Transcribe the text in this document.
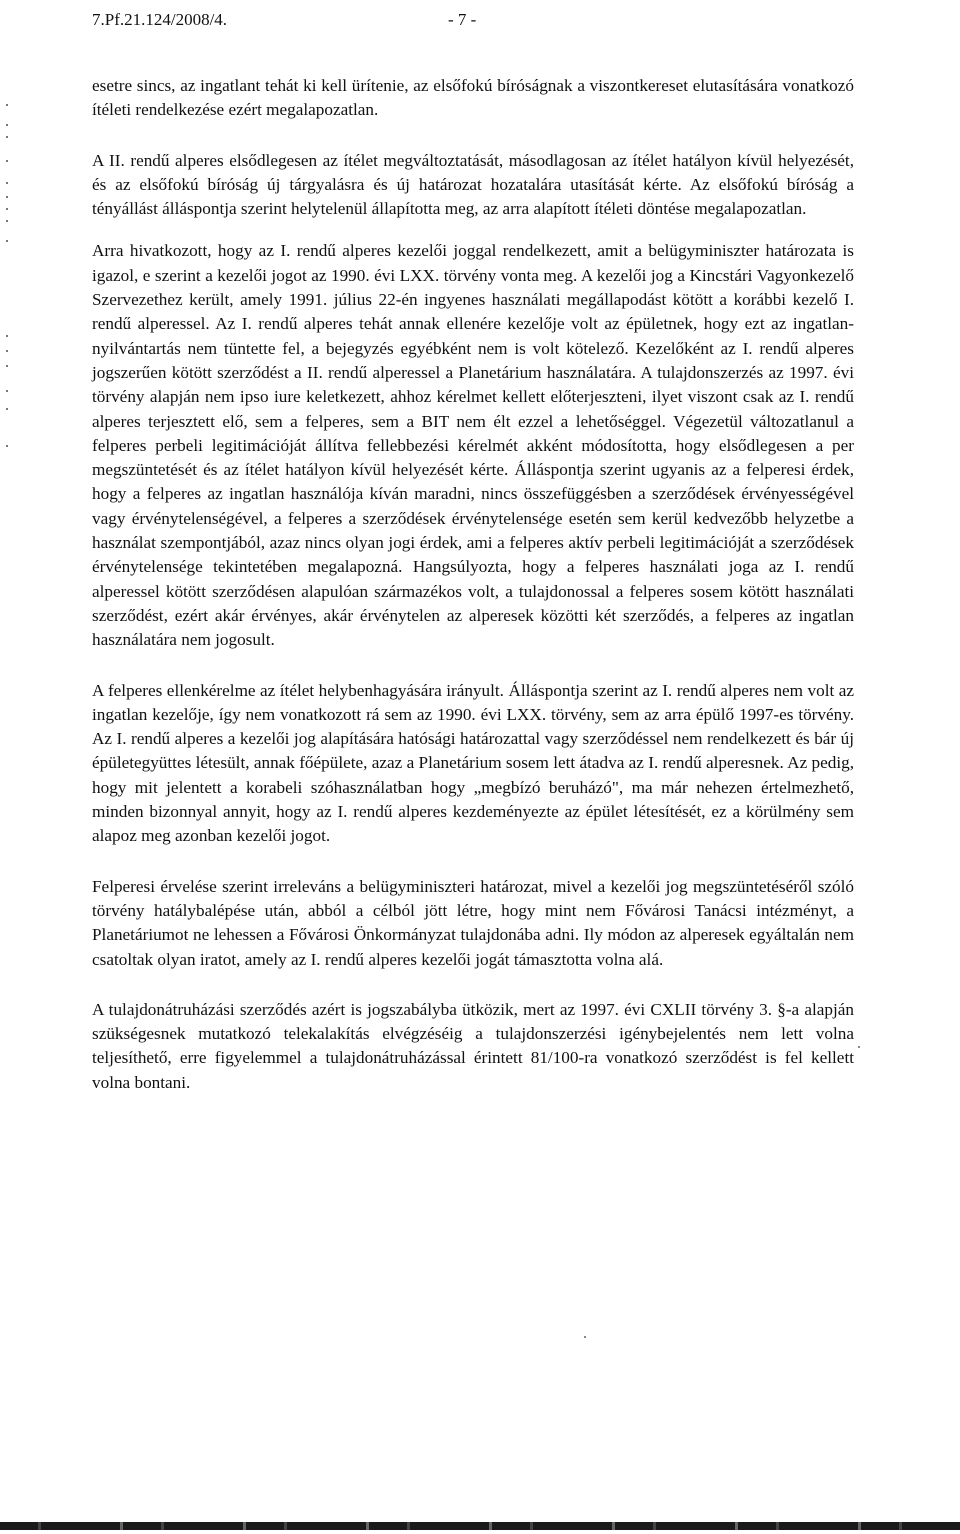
7.Pf.21.124/2008/4.	- 7 -

esetre sincs, az ingatlant tehát ki kell ürítenie, az elsőfokú bíróságnak a viszontkereset elutasítására vonatkozó ítéleti rendelkezése ezért megalapozatlan.

A II. rendű alperes elsődlegesen az ítélet megváltoztatását, másodlagosan az ítélet hatályon kívül helyezését, és az elsőfokú bíróság új tárgyalásra és új határozat hozatalára utasítását kérte. Az elsőfokú bíróság a tényállást álláspontja szerint helytelenül állapította meg, az arra alapított ítéleti döntése megalapozatlan.

Arra hivatkozott, hogy az I. rendű alperes kezelői joggal rendelkezett, amit a belügyminiszter határozata is igazol, e szerint a kezelői jogot az 1990. évi LXX. törvény vonta meg. A kezelői jog a Kincstári Vagyonkezelő Szervezethez került, amely 1991. július 22-én ingyenes használati megállapodást kötött a korábbi kezelő I. rendű alperessel. Az I. rendű alperes tehát annak ellenére kezelője volt az épületnek, hogy ezt az ingatlan-nyilvántartás nem tüntette fel, a bejegyzés egyébként nem is volt kötelező. Kezelőként az I. rendű alperes jogszerűen kötött szerződést a II. rendű alperessel a Planetárium használatára. A tulajdonszerzés az 1997. évi törvény alapján nem ipso iure keletkezett, ahhoz kérelmet kellett előterjeszteni, ilyet viszont csak az I. rendű alperes terjesztett elő, sem a felperes, sem a BIT nem élt ezzel a lehetőséggel. Végezetül változatlanul a felperes perbeli legitimációját állítva fellebbezési kérelmét akként módosította, hogy elsődlegesen a per megszüntetését és az ítélet hatályon kívül helyezését kérte. Álláspontja szerint ugyanis az a felperesi érdek, hogy a felperes az ingatlan használója kíván maradni, nincs összefüggésben a szerződések érvényességével vagy érvénytelenségével, a felperes a szerződések érvénytelensége esetén sem kerül kedvezőbb helyzetbe a használat szempontjából, azaz nincs olyan jogi érdek, ami a felperes aktív perbeli legitimációját a szerződések érvénytelensége tekintetében megalapozná. Hangsúlyozta, hogy a felperes használati joga az I. rendű alperessel kötött szerződésen alapulóan származékos volt, a tulajdonossal a felperes sosem kötött használati szerződést, ezért akár érvényes, akár érvénytelen az alperesek közötti két szerződés, a felperes az ingatlan használatára nem jogosult.

A felperes ellenkérelme az ítélet helybenhagyására irányult. Álláspontja szerint az I. rendű alperes nem volt az ingatlan kezelője, így nem vonatkozott rá sem az 1990. évi LXX. törvény, sem az arra épülő 1997-es törvény. Az I. rendű alperes a kezelői jog alapítására hatósági határozattal vagy szerződéssel nem rendelkezett és bár új épületegyüttes létesült, annak főépülete, azaz a Planetárium sosem lett átadva az I. rendű alperesnek. Az pedig, hogy mit jelentett a korabeli szóhasználatban hogy „megbízó beruházó", ma már nehezen értelmezhető, minden bizonnyal annyit, hogy az I. rendű alperes kezdeményezte az épület létesítését, ez a körülmény sem alapoz meg azonban kezelői jogot.

Felperesi érvelése szerint irreleváns a belügyminiszteri határozat, mivel a kezelői jog megszüntetéséről szóló törvény hatálybalépése után, abból a célból jött létre, hogy mint nem Fővárosi Tanácsi intézményt, a Planetáriumot ne lehessen a Fővárosi Önkormányzat tulajdonába adni. Ily módon az alperesek egyáltalán nem csatoltak olyan iratot, amely az I. rendű alperes kezelői jogát támasztotta volna alá.

A tulajdonátruházási szerződés azért is jogszabályba ütközik, mert az 1997. évi CXLII törvény 3. §-a alapján szükségesnek mutatkozó telekalakítás elvégzéséig a tulajdonszerzési igénybejelentés nem lett volna teljesíthető, erre figyelemmel a tulajdonátruházással érintett 81/100-ra vonatkozó szerződést is fel kellett volna bontani.
